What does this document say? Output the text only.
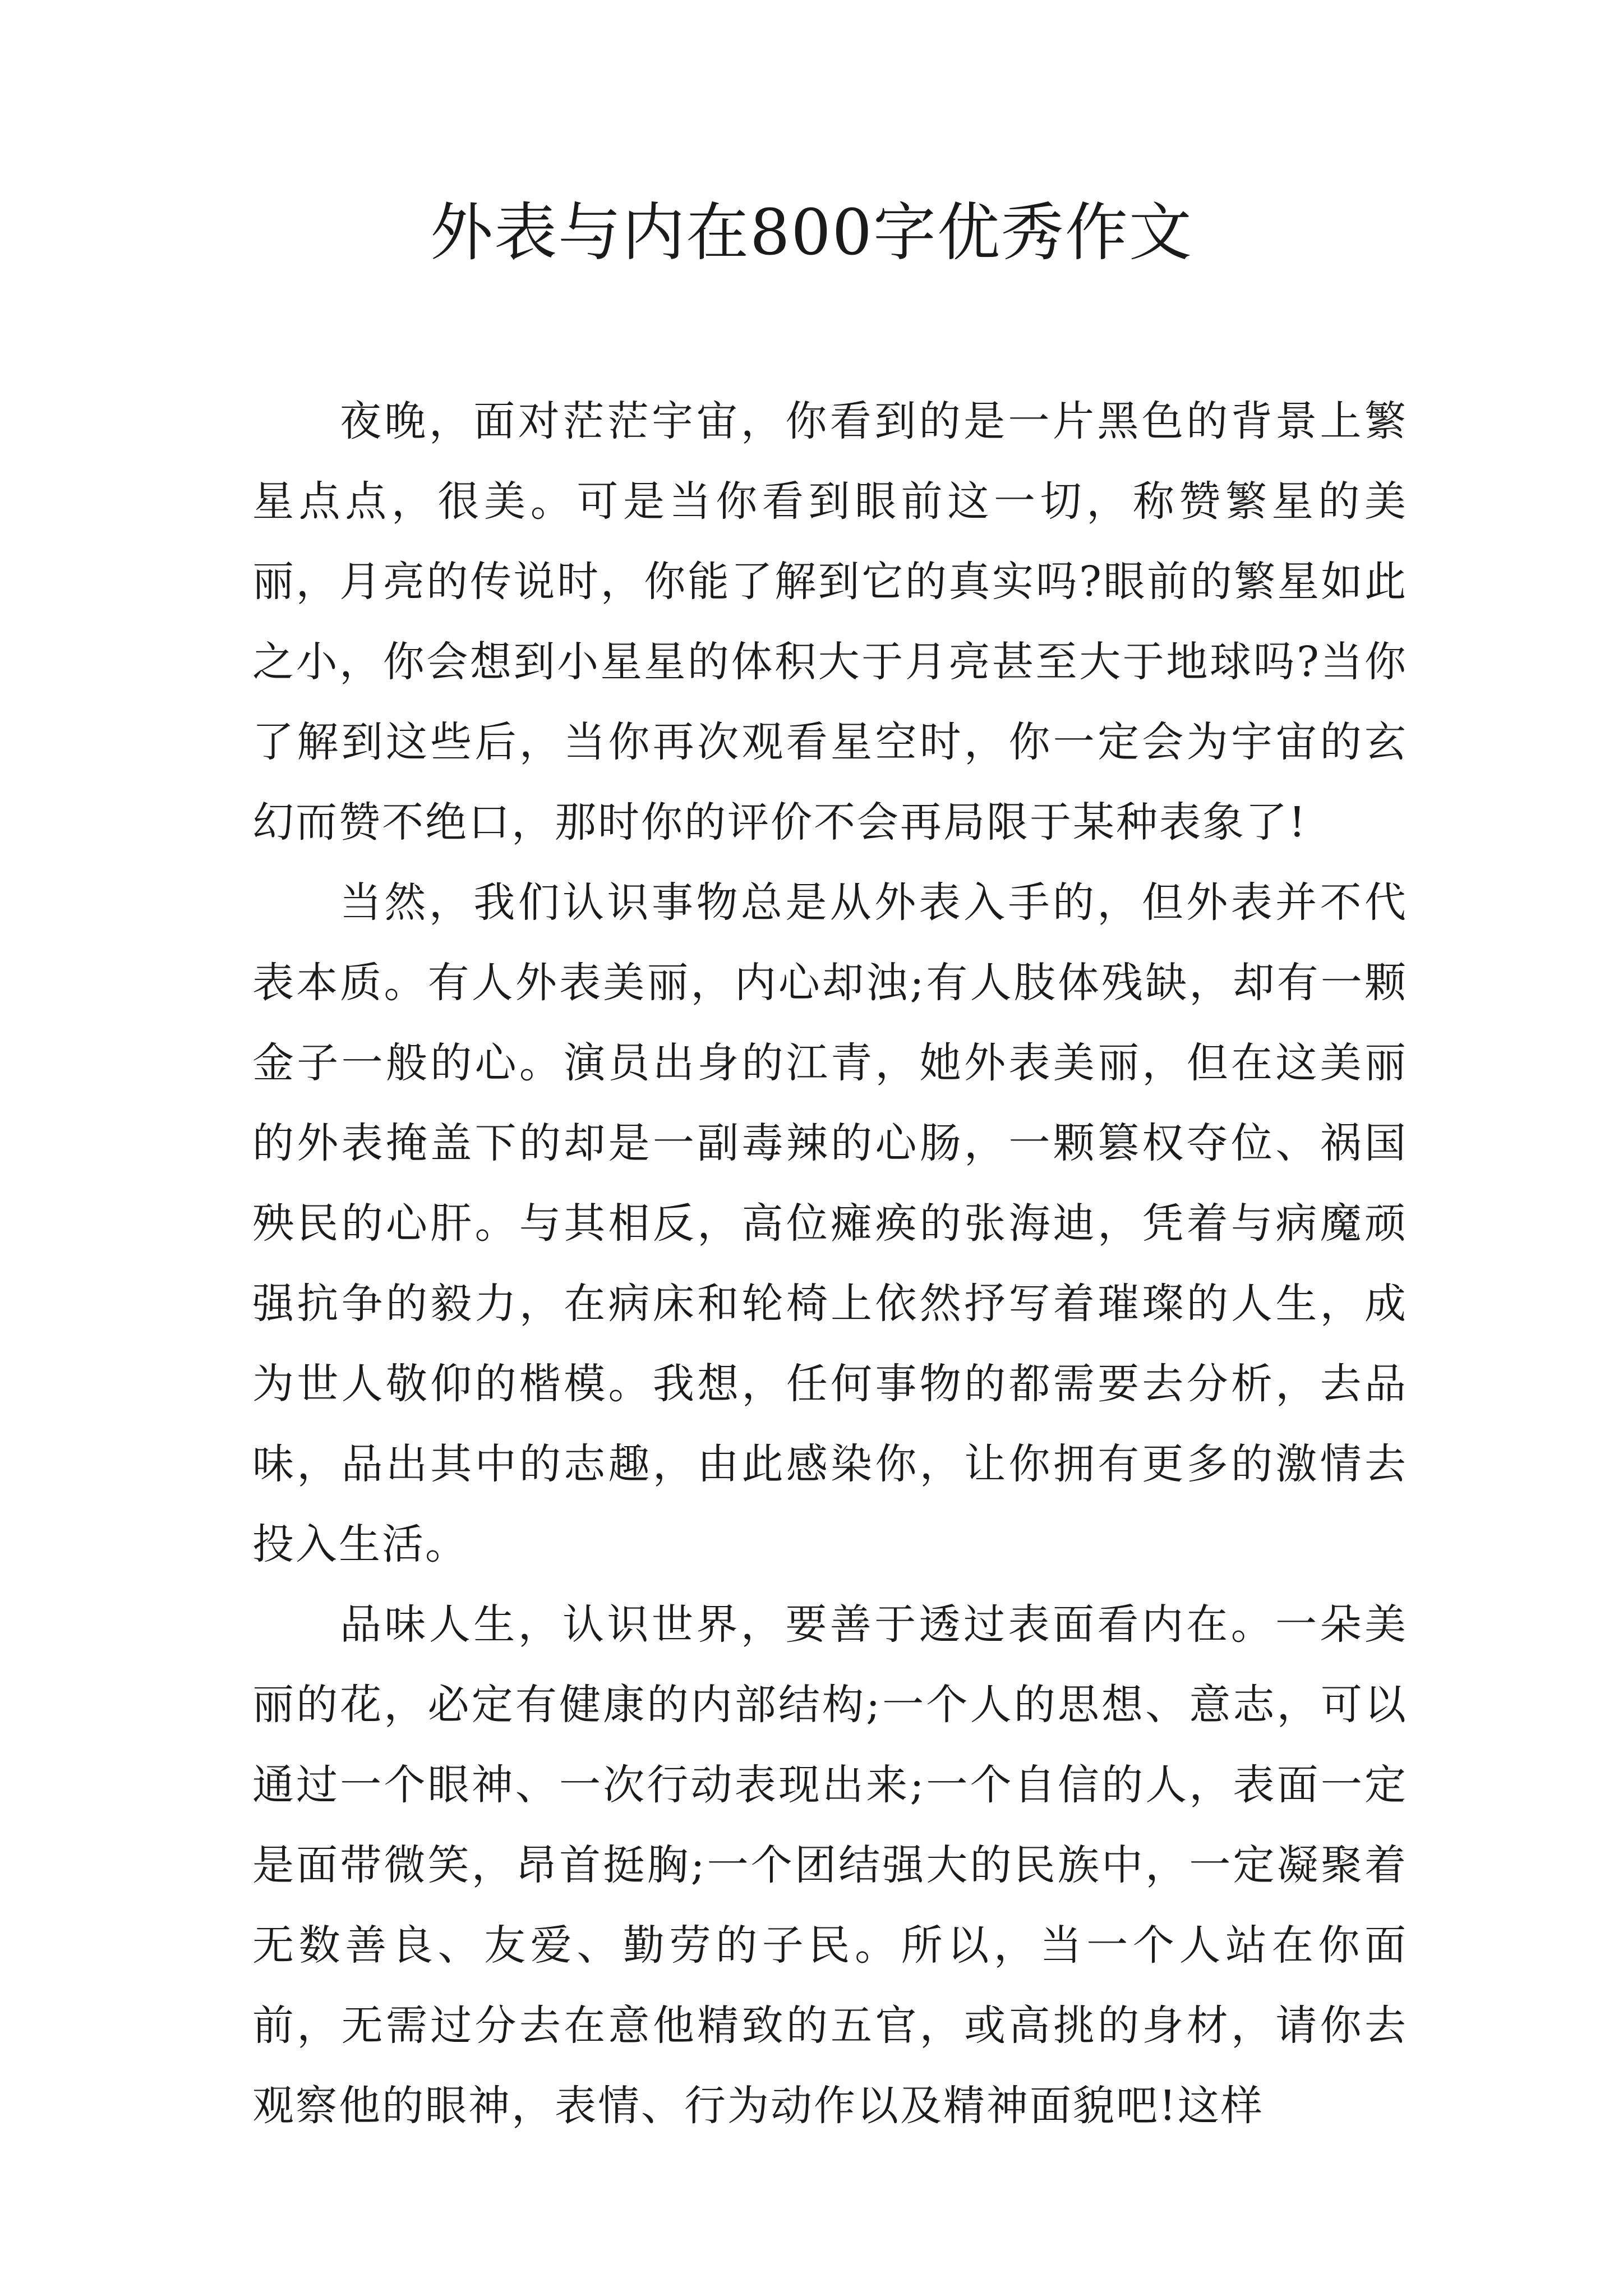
外表与内在800字优秀作文

夜晚，面对茫茫宇宙，你看到的是一片黑色的背景上繁星点点，很美。可是当你看到眼前这一切，称赞繁星的美丽，月亮的传说时，你能了解到它的真实吗?眼前的繁星如此之小，你会想到小星星的体积大于月亮甚至大于地球吗?当你了解到这些后，当你再次观看星空时，你一定会为宇宙的玄幻而赞不绝口，那时你的评价不会再局限于某种表象了!

当然，我们认识事物总是从外表入手的，但外表并不代表本质。有人外表美丽，内心却浊;有人肢体残缺，却有一颗金子一般的心。演员出身的江青，她外表美丽，但在这美丽的外表掩盖下的却是一副毒辣的心肠，一颗篡权夺位、祸国殃民的心肝。与其相反，高位瘫痪的张海迪，凭着与病魔顽强抗争的毅力，在病床和轮椅上依然抒写着璀璨的人生，成为世人敬仰的楷模。我想，任何事物的都需要去分析，去品味，品出其中的志趣，由此感染你，让你拥有更多的激情去投入生活。

品味人生，认识世界，要善于透过表面看内在。一朵美丽的花，必定有健康的内部结构;一个人的思想、意志，可以通过一个眼神、一次行动表现出来;一个自信的人，表面一定是面带微笑，昂首挺胸;一个团结强大的民族中，一定凝聚着无数善良、友爱、勤劳的子民。所以，当一个人站在你面前，无需过分去在意他精致的五官，或高挑的身材，请你去观察他的眼神，表情、行为动作以及精神面貌吧!这样
